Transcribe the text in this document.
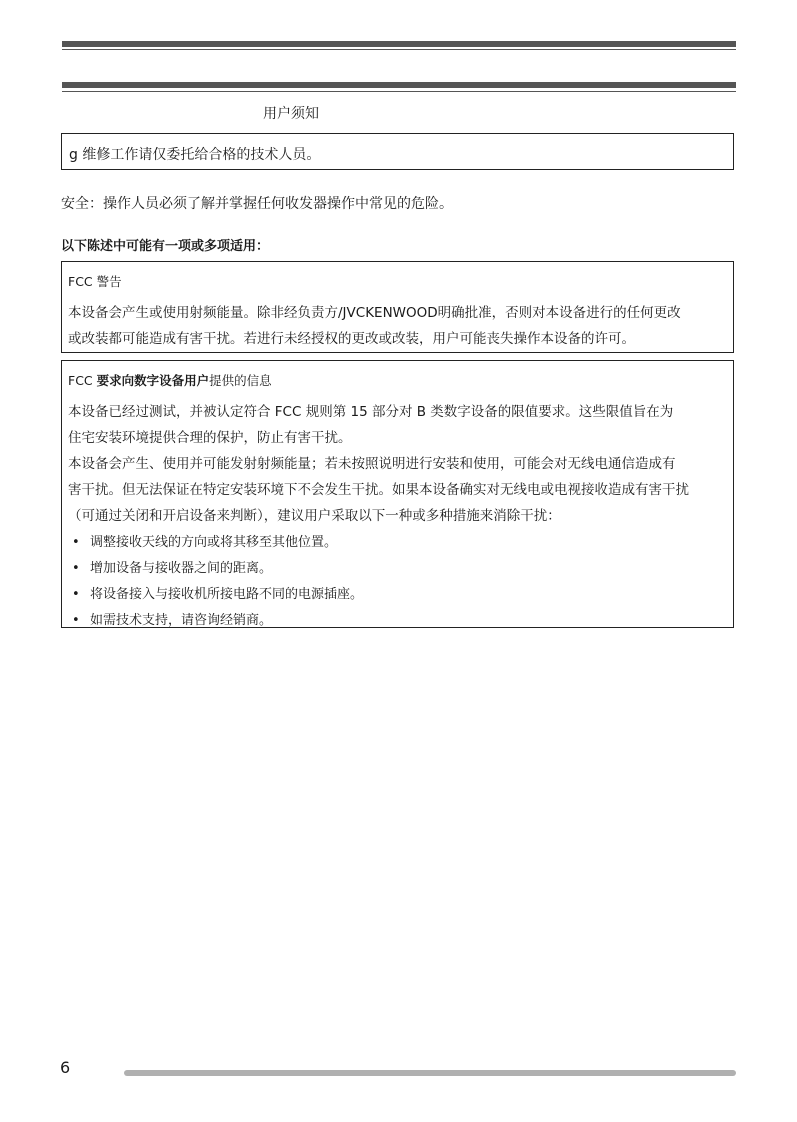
用户须知
g 维修工作请仅委托给合格的技术人员。
安全：操作人员必须了解并掌握任何收发器操作中常见的危险。
以下陈述中可能有一项或多项适用：
FCC 警告
本设备会产生或使用射频能量。除非经负责方/JVCKENWOOD明确批准，否则对本设备进行的任何更改
或改装都可能造成有害干扰。若进行未经授权的更改或改装，用户可能丧失操作本设备的许可。
FCC 要求向数字设备用户提供的信息
本设备已经过测试，并被认定符合 FCC 规则第 15 部分对 B 类数字设备的限值要求。这些限值旨在为
住宅安装环境提供合理的保护，防止有害干扰。
本设备会产生、使用并可能发射射频能量；若未按照说明进行安装和使用，可能会对无线电通信造成有
害干扰。但无法保证在特定安装环境下不会发生干扰。如果本设备确实对无线电或电视接收造成有害干扰
（可通过关闭和开启设备来判断），建议用户采取以下一种或多种措施来消除干扰：
• 调整接收天线的方向或将其移至其他位置。
• 增加设备与接收器之间的距离。
• 将设备接入与接收机所接电路不同的电源插座。
• 如需技术支持，请咨询经销商。
6
